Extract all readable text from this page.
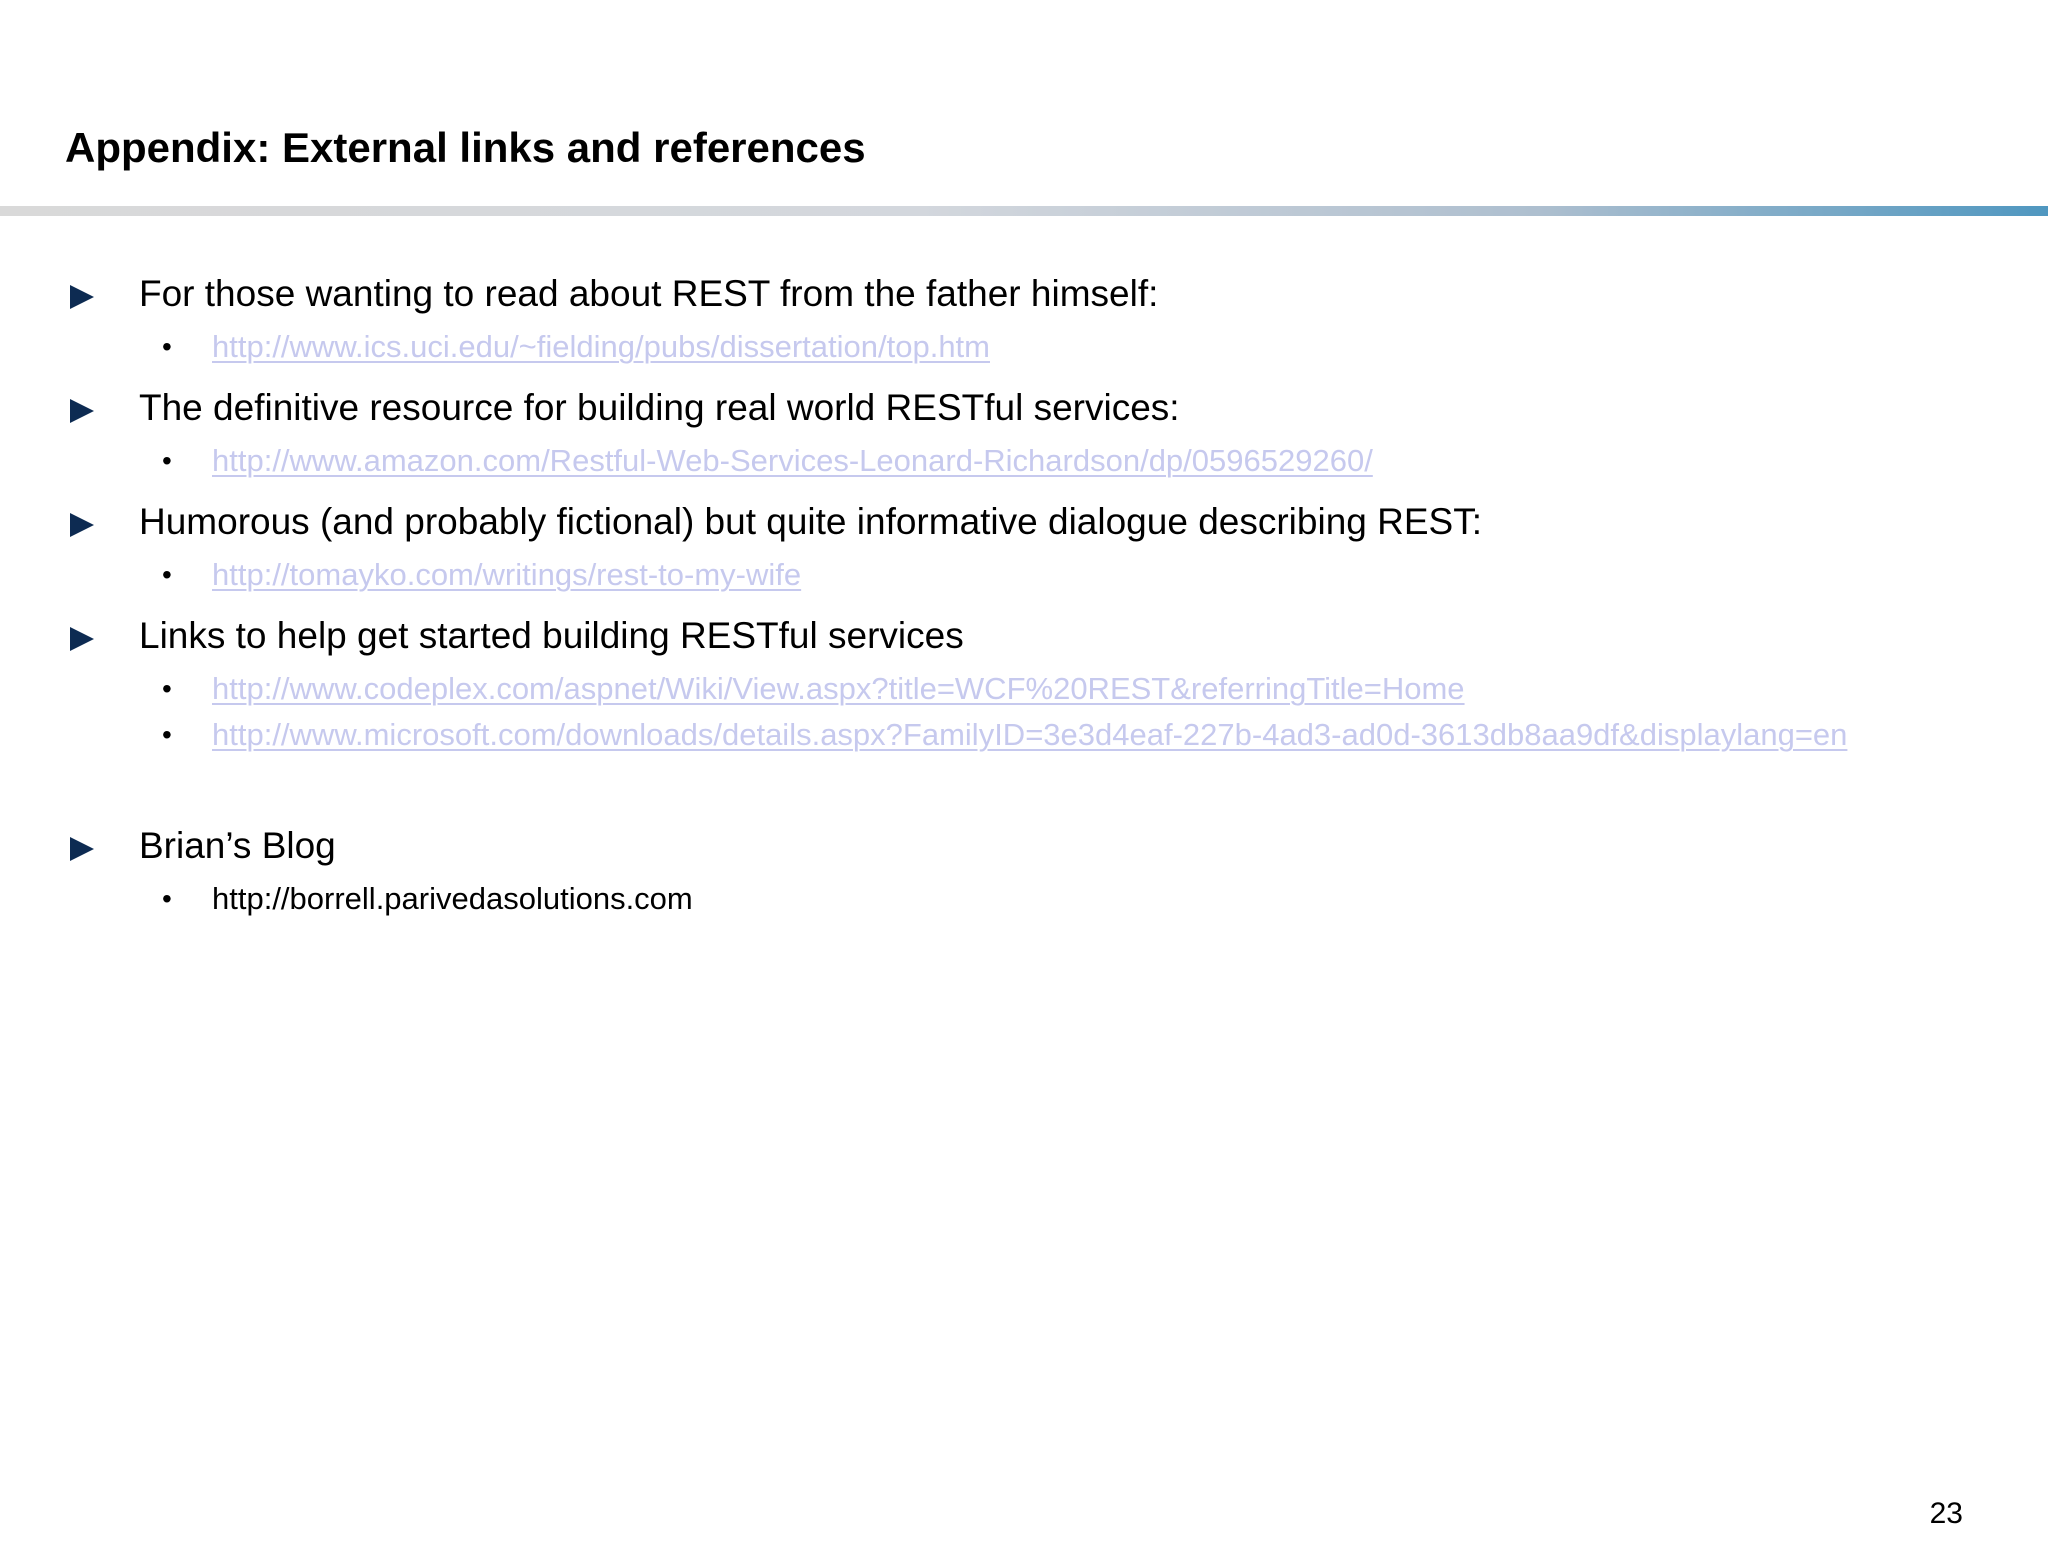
Appendix: External links and references
For those wanting to read about REST from the father himself:
• http://www.ics.uci.edu/~fielding/pubs/dissertation/top.htm
The definitive resource for building real world RESTful services:
• http://www.amazon.com/Restful-Web-Services-Leonard-Richardson/dp/0596529260/
Humorous (and probably fictional) but quite informative dialogue describing REST:
• http://tomayko.com/writings/rest-to-my-wife
Links to help get started building RESTful services
• http://www.codeplex.com/aspnet/Wiki/View.aspx?title=WCF%20REST&referringTitle=Home
• http://www.microsoft.com/downloads/details.aspx?FamilyID=3e3d4eaf-227b-4ad3-ad0d-3613db8aa9df&displaylang=en
Brian’s Blog
• http://borrell.parivedasolutions.com
23
